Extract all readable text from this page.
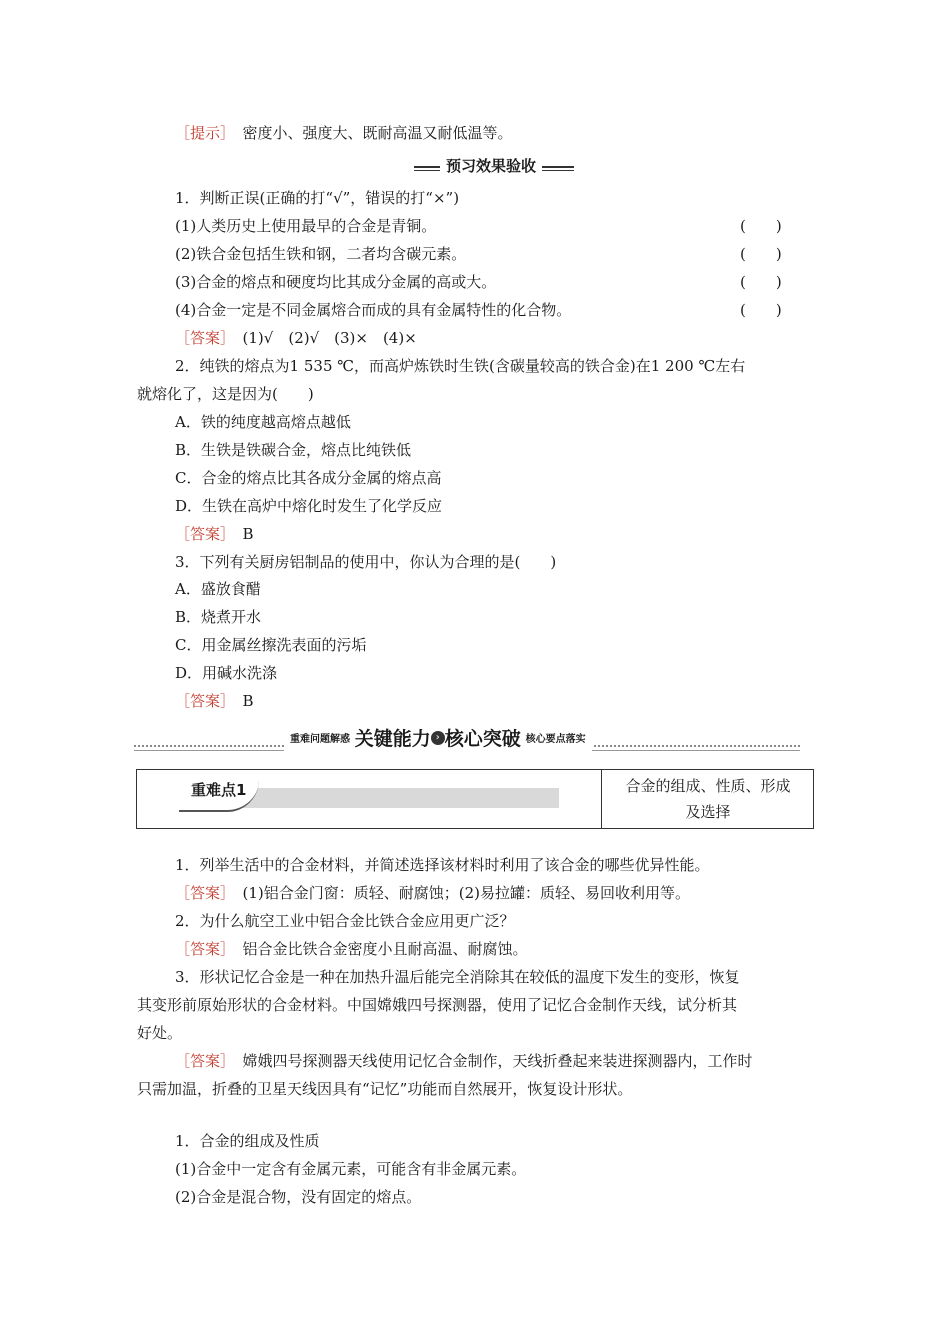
［提示］　 密度小、强度大、既耐高温又耐低温等。
预习效果验收
1．判断正误(正确的打“√”，错误的打“×”)
(1)人类历史上使用最早的合金是青铜。	(　　)
(2)铁合金包括生铁和钢，二者均含碳元素。	(　　)
(3)合金的熔点和硬度均比其成分金属的高或大。	(　　)
(4)合金一定是不同金属熔合而成的具有金属特性的化合物。	(　　)
［答案］　 (1)√　(2)√　(3)×　(4)×
2．纯铁的熔点为1 535 ℃，而高炉炼铁时生铁(含碳量较高的铁合金)在1 200 ℃左右
就熔化了，这是因为(　　)
A．铁的纯度越高熔点越低
B．生铁是铁碳合金，熔点比纯铁低
C．合金的熔点比其各成分金属的熔点高
D．生铁在高炉中熔化时发生了化学反应
［答案］　 B
3．下列有关厨房铝制品的使用中，你认为合理的是(　　)
A．盛放食醋
B．烧煮开水
C．用金属丝擦洗表面的污垢
D．用碱水洗涤
［答案］　 B
重难问题解惑 关键能力 › 核心突破 核心要点落实
重难点1	合金的组成、性质、形成
及选择
1．列举生活中的合金材料，并简述选择该材料时利用了该合金的哪些优异性能。
［答案］　 (1)铝合金门窗：质轻、耐腐蚀；(2)易拉罐：质轻、易回收利用等。
2．为什么航空工业中铝合金比铁合金应用更广泛？
［答案］　 铝合金比铁合金密度小且耐高温、耐腐蚀。
3．形状记忆合金是一种在加热升温后能完全消除其在较低的温度下发生的变形，恢复
其变形前原始形状的合金材料。中国嫦娥四号探测器，使用了记忆合金制作天线，试分析其
好处。
［答案］　 嫦娥四号探测器天线使用记忆合金制作，天线折叠起来装进探测器内，工作时
只需加温，折叠的卫星天线因具有“记忆”功能而自然展开，恢复设计形状。
1．合金的组成及性质
(1)合金中一定含有金属元素，可能含有非金属元素。
(2)合金是混合物，没有固定的熔点。
